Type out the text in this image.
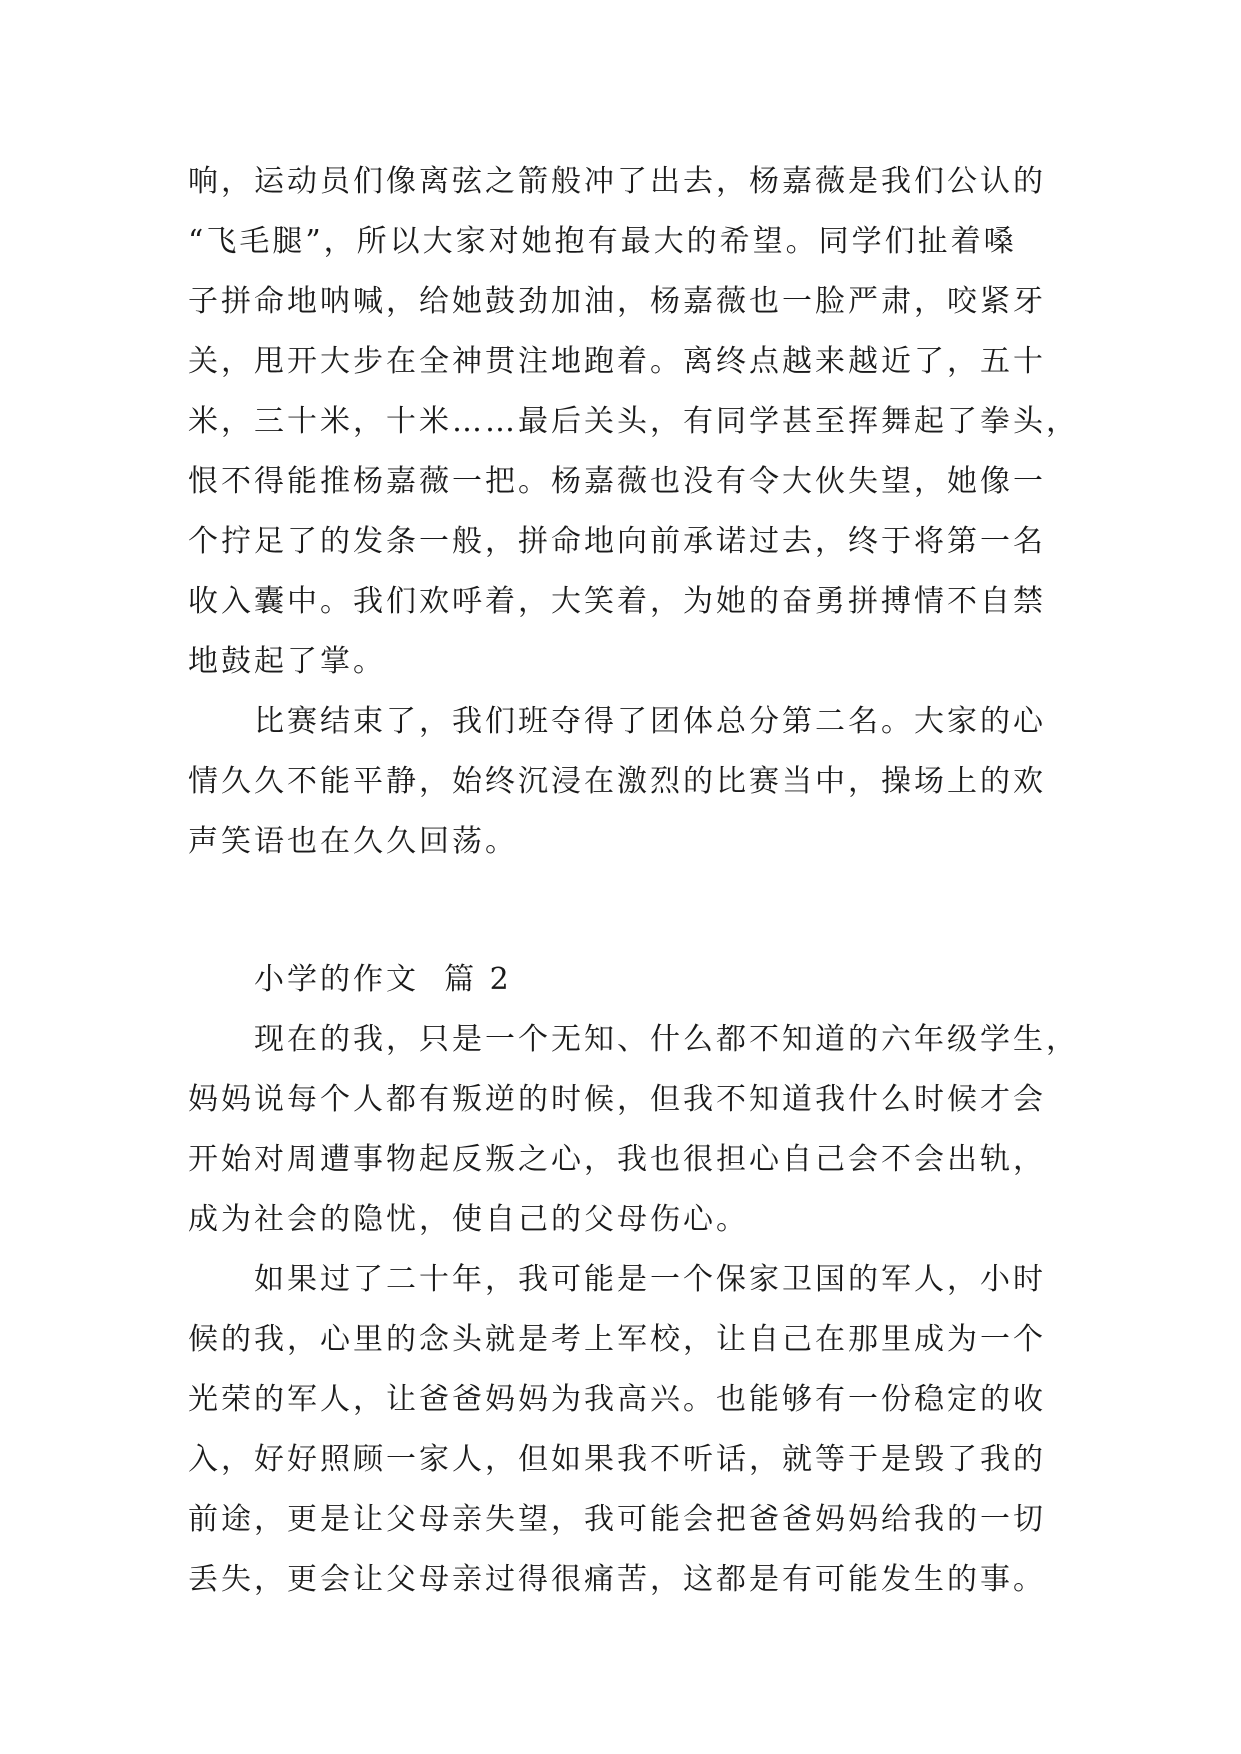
响，运动员们像离弦之箭般冲了出去，杨嘉薇是我们公认的
“飞毛腿”，所以大家对她抱有最大的希望。同学们扯着嗓
子拼命地呐喊，给她鼓劲加油，杨嘉薇也一脸严肃，咬紧牙
关，甩开大步在全神贯注地跑着。离终点越来越近了，五十
米，三十米，十米……最后关头，有同学甚至挥舞起了拳头，
恨不得能推杨嘉薇一把。杨嘉薇也没有令大伙失望，她像一
个拧足了的发条一般，拼命地向前承诺过去，终于将第一名
收入囊中。我们欢呼着，大笑着，为她的奋勇拼搏情不自禁
地鼓起了掌。
比赛结束了，我们班夺得了团体总分第二名。大家的心
情久久不能平静，始终沉浸在激烈的比赛当中，操场上的欢
声笑语也在久久回荡。
小学的作文  篇 2
现在的我，只是一个无知、什么都不知道的六年级学生，
妈妈说每个人都有叛逆的时候，但我不知道我什么时候才会
开始对周遭事物起反叛之心，我也很担心自己会不会出轨，
成为社会的隐忧，使自己的父母伤心。
如果过了二十年，我可能是一个保家卫国的军人，小时
候的我，心里的念头就是考上军校，让自己在那里成为一个
光荣的军人，让爸爸妈妈为我高兴。也能够有一份稳定的收
入，好好照顾一家人，但如果我不听话，就等于是毁了我的
前途，更是让父母亲失望，我可能会把爸爸妈妈给我的一切
丢失，更会让父母亲过得很痛苦，这都是有可能发生的事。
